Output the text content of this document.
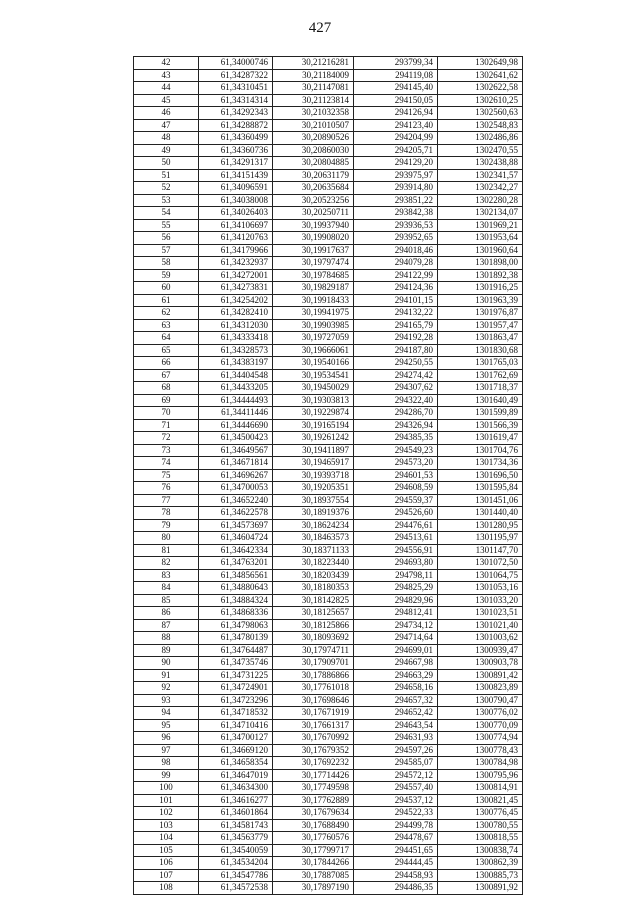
427
42	61,34000746	30,21216281	293799,34	1302649,98
43	61,34287322	30,21184009	294119,08	1302641,62
44	61,34310451	30,21147081	294145,40	1302622,58
45	61,34314314	30,21123814	294150,05	1302610,25
46	61,34292343	30,21032358	294126,94	1302560,63
47	61,34288872	30,21010507	294123,40	1302548,83
48	61,34360499	30,20890526	294204,99	1302486,86
49	61,34360736	30,20860030	294205,71	1302470,55
50	61,34291317	30,20804885	294129,20	1302438,88
51	61,34151439	30,20631179	293975,97	1302341,57
52	61,34096591	30,20635684	293914,80	1302342,27
53	61,34038008	30,20523256	293851,22	1302280,28
54	61,34026403	30,20250711	293842,38	1302134,07
55	61,34106697	30,19937940	293936,53	1301969,21
56	61,34120763	30,19908020	293952,65	1301953,64
57	61,34179966	30,19917637	294018,46	1301960,64
58	61,34232937	30,19797474	294079,28	1301898,00
59	61,34272001	30,19784685	294122,99	1301892,38
60	61,34273831	30,19829187	294124,36	1301916,25
61	61,34254202	30,19918433	294101,15	1301963,39
62	61,34282410	30,19941975	294132,22	1301976,87
63	61,34312030	30,19903985	294165,79	1301957,47
64	61,34333418	30,19727059	294192,28	1301863,47
65	61,34328573	30,19666061	294187,80	1301830,68
66	61,34383197	30,19540166	294250,55	1301765,03
67	61,34404548	30,19534541	294274,42	1301762,69
68	61,34433205	30,19450029	294307,62	1301718,37
69	61,34444493	30,19303813	294322,40	1301640,49
70	61,34411446	30,19229874	294286,70	1301599,89
71	61,34446690	30,19165194	294326,94	1301566,39
72	61,34500423	30,19261242	294385,35	1301619,47
73	61,34649567	30,19411897	294549,23	1301704,76
74	61,34671814	30,19465917	294573,20	1301734,36
75	61,34696267	30,19393718	294601,53	1301696,50
76	61,34700053	30,19205351	294608,59	1301595,84
77	61,34652240	30,18937554	294559,37	1301451,06
78	61,34622578	30,18919376	294526,60	1301440,40
79	61,34573697	30,18624234	294476,61	1301280,95
80	61,34604724	30,18463573	294513,61	1301195,97
81	61,34642334	30,18371133	294556,91	1301147,70
82	61,34763201	30,18223440	294693,80	1301072,50
83	61,34856561	30,18203439	294798,11	1301064,75
84	61,34880643	30,18180353	294825,29	1301053,16
85	61,34884324	30,18142825	294829,96	1301033,20
86	61,34868336	30,18125657	294812,41	1301023,51
87	61,34798063	30,18125866	294734,12	1301021,40
88	61,34780139	30,18093692	294714,64	1301003,62
89	61,34764487	30,17974711	294699,01	1300939,47
90	61,34735746	30,17909701	294667,98	1300903,78
91	61,34731225	30,17886866	294663,29	1300891,42
92	61,34724901	30,17761018	294658,16	1300823,89
93	61,34723296	30,17698646	294657,32	1300790,47
94	61,34718532	30,17671919	294652,42	1300776,02
95	61,34710416	30,17661317	294643,54	1300770,09
96	61,34700127	30,17670992	294631,93	1300774,94
97	61,34669120	30,17679352	294597,26	1300778,43
98	61,34658354	30,17692232	294585,07	1300784,98
99	61,34647019	30,17714426	294572,12	1300795,96
100	61,34634300	30,17749598	294557,40	1300814,91
101	61,34616277	30,17762889	294537,12	1300821,45
102	61,34601864	30,17679634	294522,33	1300776,45
103	61,34581743	30,17688490	294499,78	1300780,55
104	61,34563779	30,17760576	294478,67	1300818,55
105	61,34540059	30,17799717	294451,65	1300838,74
106	61,34534204	30,17844266	294444,45	1300862,39
107	61,34547786	30,17887085	294458,93	1300885,73
108	61,34572538	30,17897190	294486,35	1300891,92
